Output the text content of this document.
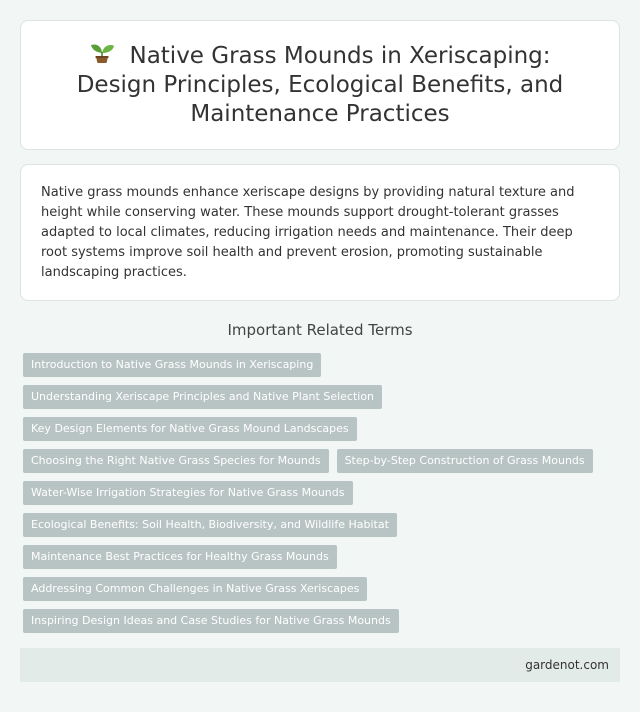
Native Grass Mounds in Xeriscaping: Design Principles, Ecological Benefits, and Maintenance Practices

Native grass mounds enhance xeriscape designs by providing natural texture and height while conserving water. These mounds support drought-tolerant grasses adapted to local climates, reducing irrigation needs and maintenance. Their deep root systems improve soil health and prevent erosion, promoting sustainable landscaping practices.

Important Related Terms
Introduction to Native Grass Mounds in Xeriscaping
Understanding Xeriscape Principles and Native Plant Selection
Key Design Elements for Native Grass Mound Landscapes
Choosing the Right Native Grass Species for Mounds	Step-by-Step Construction of Grass Mounds
Water-Wise Irrigation Strategies for Native Grass Mounds
Ecological Benefits: Soil Health, Biodiversity, and Wildlife Habitat
Maintenance Best Practices for Healthy Grass Mounds
Addressing Common Challenges in Native Grass Xeriscapes
Inspiring Design Ideas and Case Studies for Native Grass Mounds
gardenot.com
